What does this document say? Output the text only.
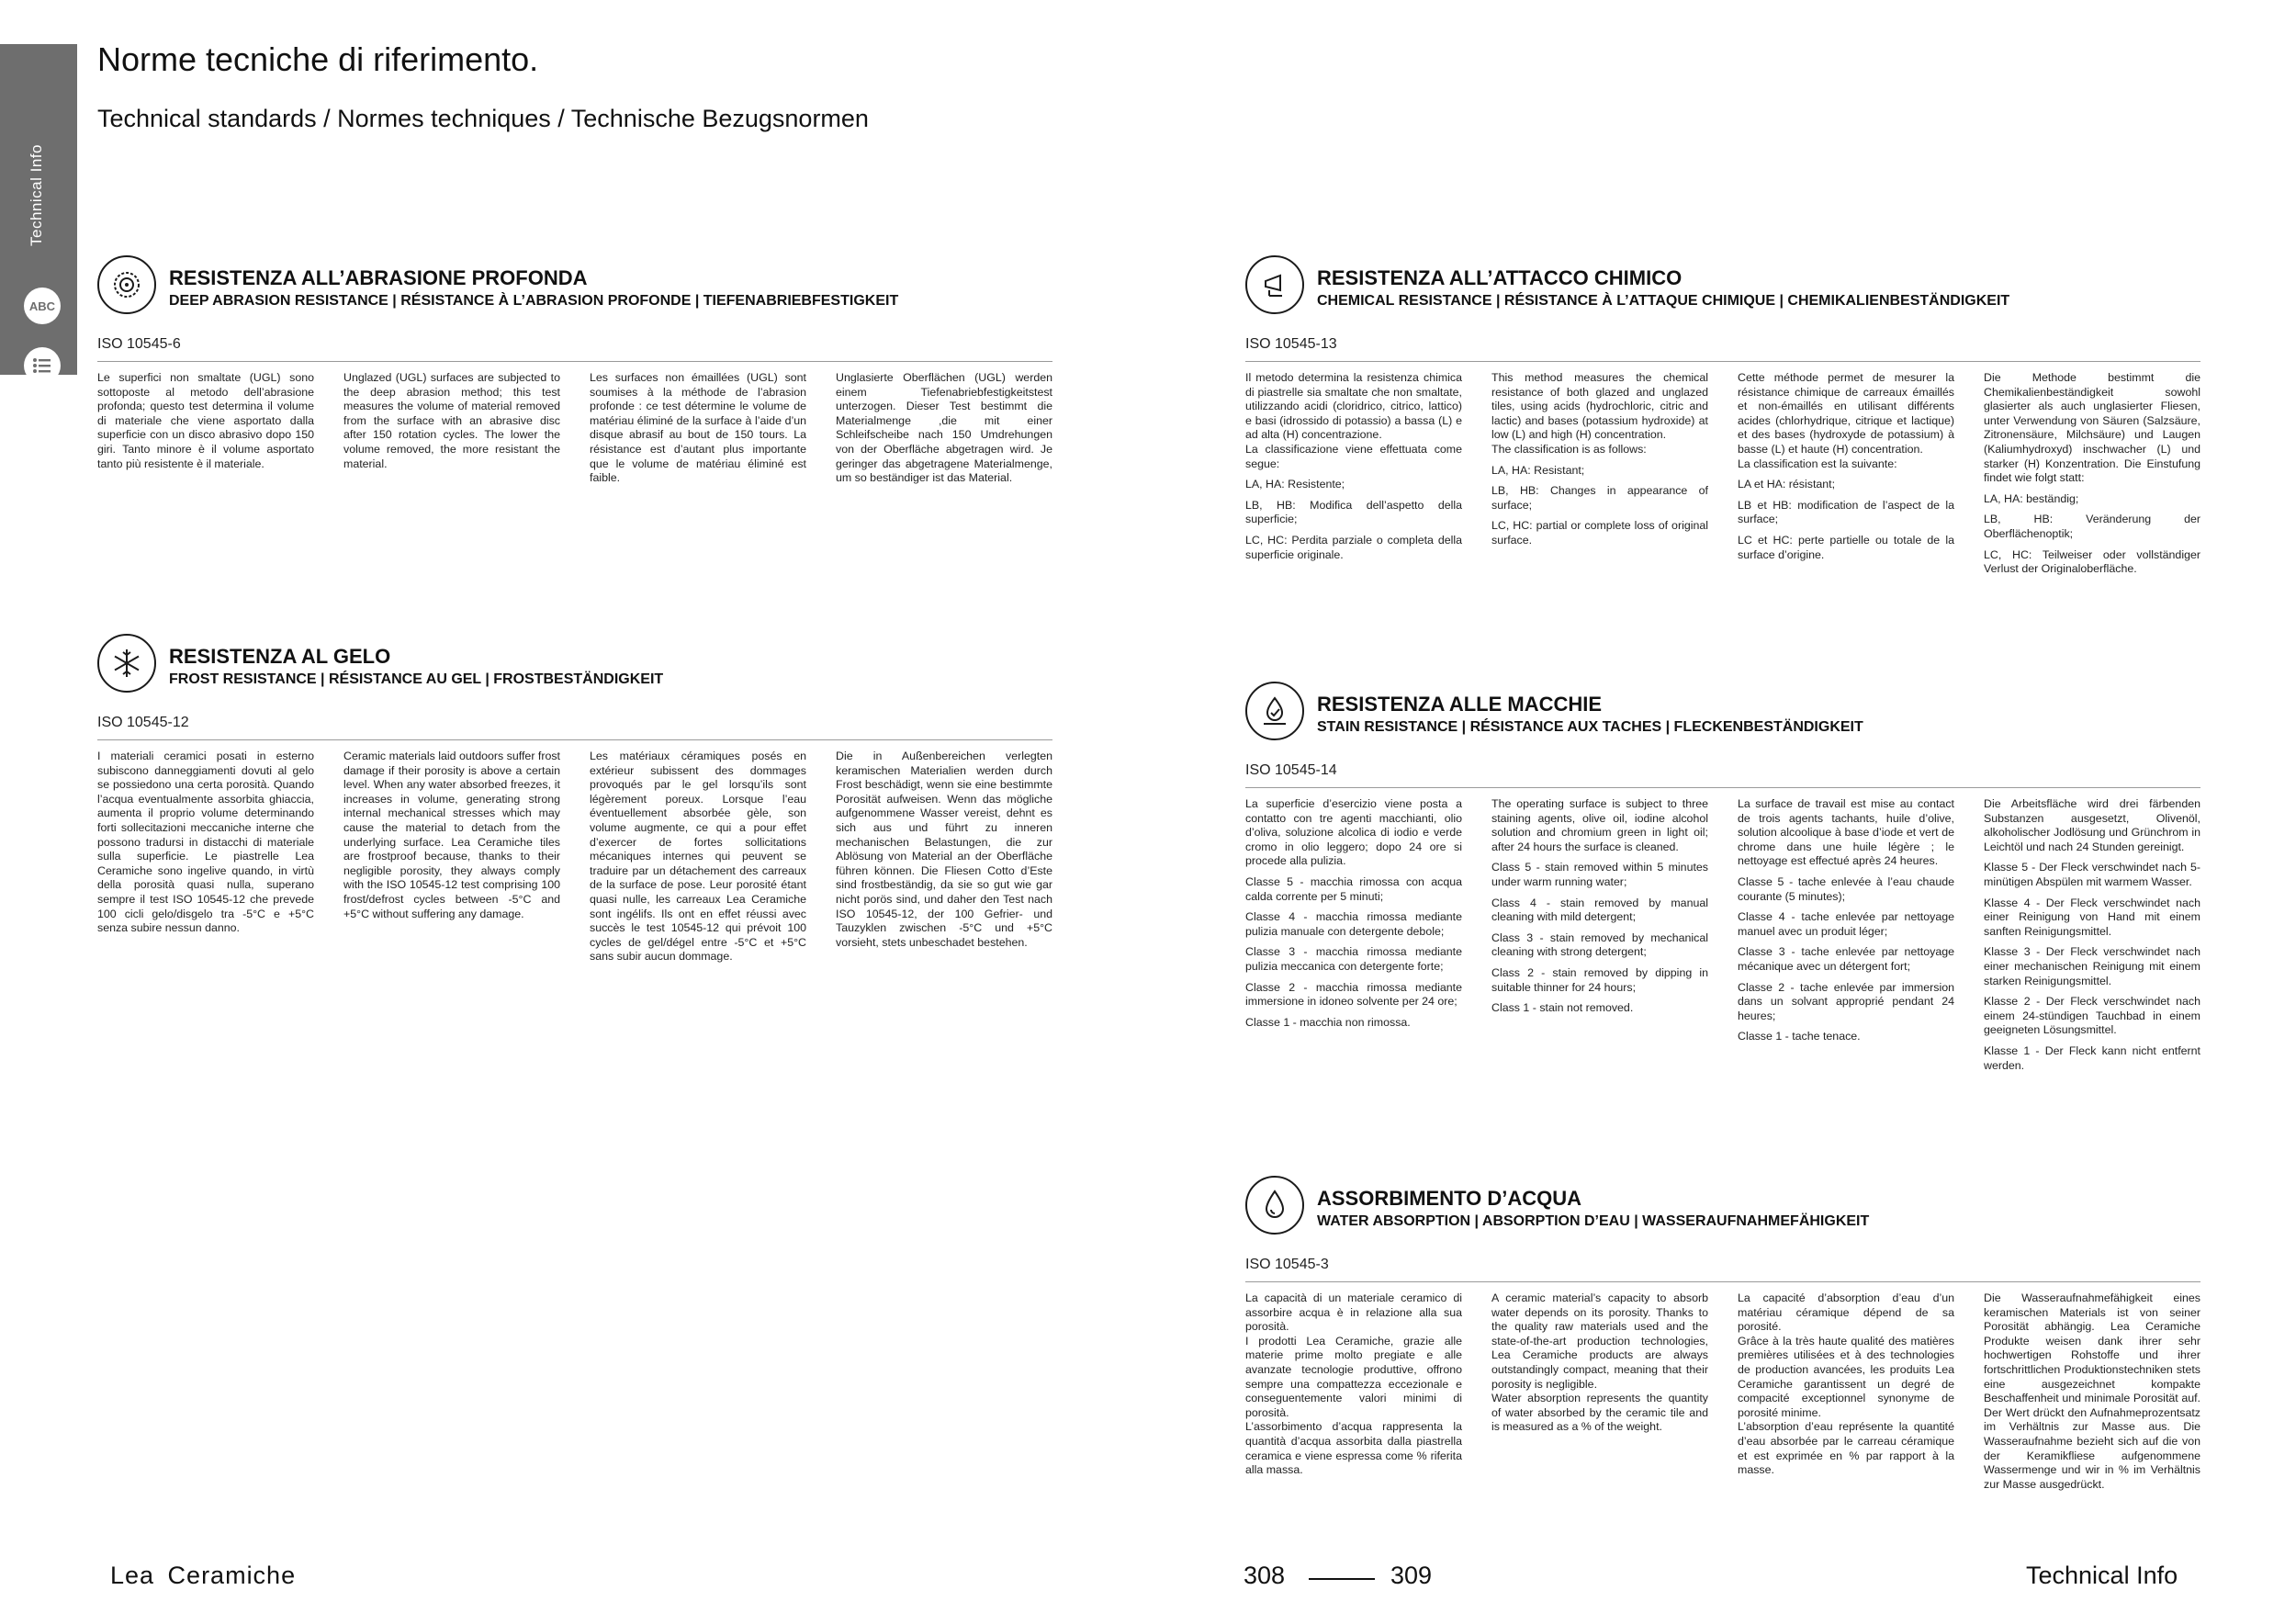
Technical Info
ABC
Norme tecniche di riferimento.
Technical standards / Normes techniques / Technische Bezugsnormen
RESISTENZA ALL’ABRASIONE PROFONDA
DEEP ABRASION RESISTANCE | RÉSISTANCE À L’ABRASION PROFONDE | TIEFENABRIEBFESTIGKEIT
ISO 10545-6

Le superfici non smaltate (UGL) sono sottoposte al metodo dell’abrasione profonda; questo test determina il volume di materiale che viene asportato dalla superficie con un disco abrasivo dopo 150 giri. Tanto minore è il volume asportato tanto più resistente è il materiale.

Unglazed (UGL) surfaces are subjected to the deep abrasion method; this test measures the volume of material removed from the surface with an abrasive disc after 150 rotation cycles. The lower the volume removed, the more resistant the material.

Les surfaces non émaillées (UGL) sont soumises à la méthode de l’abrasion profonde : ce test détermine le volume de matériau éliminé de la surface à l’aide d’un disque abrasif au bout de 150 tours. La résistance est d’autant plus importante que le volume de matériau éliminé est faible.

Unglasierte Oberflächen (UGL) werden einem Tiefenabriebfestigkeitstest unterzogen. Dieser Test bestimmt die Materialmenge ,die mit einer Schleifscheibe nach 150 Umdrehungen von der Oberfläche abgetragen wird. Je geringer das abgetragene Materialmenge, um so beständiger ist das Material.

RESISTENZA AL GELO
FROST RESISTANCE | RÉSISTANCE AU GEL | FROSTBESTÄNDIGKEIT
ISO 10545-12

I materiali ceramici posati in esterno subiscono danneggiamenti dovuti al gelo se possiedono una certa porosità. Quando l’acqua eventualmente assorbita ghiaccia, aumenta il proprio volume determinando forti sollecitazioni meccaniche interne che possono tradursi in distacchi di materiale sulla superficie. Le piastrelle Lea Ceramiche sono ingelive quando, in virtù della porosità quasi nulla, superano sempre il test ISO 10545-12 che prevede 100 cicli gelo/disgelo tra -5°C e +5°C senza subire nessun danno.

Ceramic materials laid outdoors suffer frost damage if their porosity is above a certain level. When any water absorbed freezes, it increases in volume, generating strong internal mechanical stresses which may cause the material to detach from the underlying surface. Lea Ceramiche tiles are frostproof because, thanks to their negligible porosity, they always comply with the ISO 10545-12 test comprising 100 frost/defrost cycles between -5°C and +5°C without suffering any damage.

Les matériaux céramiques posés en extérieur subissent des dommages provoqués par le gel lorsqu’ils sont légèrement poreux. Lorsque l’eau éventuellement absorbée gèle, son volume augmente, ce qui a pour effet d’exercer de fortes sollicitations mécaniques internes qui peuvent se traduire par un détachement des carreaux de la surface de pose. Leur porosité étant quasi nulle, les carreaux Lea Ceramiche sont ingélifs. Ils ont en effet réussi avec succès le test 10545-12 qui prévoit 100 cycles de gel/dégel entre -5°C et +5°C sans subir aucun dommage.

Die in Außenbereichen verlegten keramischen Materialien werden durch Frost beschädigt, wenn sie eine bestimmte Porosität aufweisen. Wenn das mögliche aufgenommene Wasser vereist, dehnt es sich aus und führt zu inneren mechanischen Belastungen, die zur Ablösung von Material an der Oberfläche führen können. Die Fliesen Cotto d’Este sind frostbeständig, da sie so gut wie gar nicht porös sind, und daher den Test nach ISO 10545-12, der 100 Gefrier- und Tauzyklen zwischen -5°C und +5°C vorsieht, stets unbeschadet bestehen.

RESISTENZA ALL’ATTACCO CHIMICO
CHEMICAL RESISTANCE | RÉSISTANCE À L’ATTAQUE CHIMIQUE | CHEMIKALIENBESTÄNDIGKEIT
ISO 10545-13

Il metodo determina la resistenza chimica di piastrelle sia smaltate che non smaltate, utilizzando acidi (cloridrico, citrico, lattico) e basi (idrossido di potassio) a bassa (L) e ad alta (H) concentrazione.
La classificazione viene effettuata come segue:

LA, HA: Resistente;

LB, HB: Modifica dell’aspetto della superficie;

LC, HC: Perdita parziale o completa della superficie originale.

This method measures the chemical resistance of both glazed and unglazed tiles, using acids (hydrochloric, citric and lactic) and bases (potassium hydroxide) at low (L) and high (H) concentration.
The classification is as follows:

LA, HA: Resistant;

LB, HB: Changes in appearance of surface;

LC, HC: partial or complete loss of original surface.

Cette méthode permet de mesurer la résistance chimique de carreaux émaillés et non-émaillés en utilisant différents acides (chlorhydrique, citrique et lactique) et des bases (hydroxyde de potassium) à basse (L) et haute (H) concentration.
La classification est la suivante:

LA et HA: résistant;

LB et HB: modification de l’aspect de la surface;

LC et HC: perte partielle ou totale de la surface d’origine.

Die Methode bestimmt die Chemikalienbeständigkeit sowohl glasierter als auch unglasierter Fliesen, unter Verwendung von Säuren (Salzsäure, Zitronensäure, Milchsäure) und Laugen (Kaliumhydroxyd) inschwacher (L) und starker (H) Konzentration. Die Einstufung findet wie folgt statt:

LA, HA: beständig;

LB, HB: Veränderung der Oberflächenoptik;

LC, HC: Teilweiser oder vollständiger Verlust der Originaloberfläche.

RESISTENZA ALLE MACCHIE
STAIN RESISTANCE | RÉSISTANCE AUX TACHES | FLECKENBESTÄNDIGKEIT
ISO 10545-14

La superficie d’esercizio viene posta a contatto con tre agenti macchianti, olio d’oliva, soluzione alcolica di iodio e verde cromo in olio leggero; dopo 24 ore si procede alla pulizia.

Classe 5 - macchia rimossa con acqua calda corrente per 5 minuti;

Classe 4 - macchia rimossa mediante pulizia manuale con detergente debole;

Classe 3 - macchia rimossa mediante pulizia meccanica con detergente forte;

Classe 2 - macchia rimossa mediante immersione in idoneo solvente per 24 ore;

Classe 1 - macchia non rimossa.

The operating surface is subject to three staining agents, olive oil, iodine alcohol solution and chromium green in light oil; after 24 hours the surface is cleaned.

Class 5 - stain removed within 5 minutes under warm running water;

Class 4 - stain removed by manual cleaning with mild detergent;

Class 3 - stain removed by mechanical cleaning with strong detergent;

Class 2 - stain removed by dipping in suitable thinner for 24 hours;

Class 1 - stain not removed.

La surface de travail est mise au contact de trois agents tachants, huile d’olive, solution alcoolique à base d’iode et vert de chrome dans une huile légère ; le nettoyage est effectué après 24 heures.

Classe 5 - tache enlevée à l’eau chaude courante (5 minutes);

Classe 4 - tache enlevée par nettoyage manuel avec un produit léger;

Classe 3 - tache enlevée par nettoyage mécanique avec un détergent fort;

Classe 2 - tache enlevée par immersion dans un solvant approprié pendant 24 heures;

Classe 1 - tache tenace.

Die Arbeitsfläche wird drei färbenden Substanzen ausgesetzt, Olivenöl, alkoholischer Jodlösung und Grünchrom in Leichtöl und nach 24 Stunden gereinigt.

Klasse 5 - Der Fleck verschwindet nach 5-minütigen Abspülen mit warmem Wasser.

Klasse 4 - Der Fleck verschwindet nach einer Reinigung von Hand mit einem sanften Reinigungsmittel.

Klasse 3 - Der Fleck verschwindet nach einer mechanischen Reinigung mit einem starken Reinigungsmittel.

Klasse 2 - Der Fleck verschwindet nach einem 24-stündigen Tauchbad in einem geeigneten Lösungsmittel.

Klasse 1 - Der Fleck kann nicht entfernt werden.

ASSORBIMENTO D’ACQUA
WATER ABSORPTION | ABSORPTION D’EAU | WASSERAUFNAHMEFÄHIGKEIT
ISO 10545-3

La capacità di un materiale ceramico di assorbire acqua è in relazione alla sua porosità.
I prodotti Lea Ceramiche, grazie alle materie prime molto pregiate e alle avanzate tecnologie produttive, offrono sempre una compattezza eccezionale e conseguentemente valori minimi di porosità.
L’assorbimento d’acqua rappresenta la quantità d’acqua assorbita dalla piastrella ceramica e viene espressa come % riferita alla massa.

A ceramic material’s capacity to absorb water depends on its porosity. Thanks to the quality raw materials used and the state-of-the-art production technologies, Lea Ceramiche products are always outstandingly compact, meaning that their porosity is negligible.
Water absorption represents the quantity of water absorbed by the ceramic tile and is measured as a % of the weight.

La capacité d’absorption d’eau d’un matériau céramique dépend de sa porosité.
Grâce à la très haute qualité des matières premières utilisées et à des technologies de production avancées, les produits Lea Ceramiche garantissent un degré de compacité exceptionnel synonyme de porosité minime.
L’absorption d’eau représente la quantité d’eau absorbée par le carreau céramique et est exprimée en % par rapport à la masse.

Die Wasseraufnahmefähigkeit eines keramischen Materials ist von seiner Porosität abhängig. Lea Ceramiche Produkte weisen dank ihrer sehr hochwertigen Rohstoffe und ihrer fortschrittlichen Produktionstechniken stets eine ausgezeichnet kompakte Beschaffenheit und minimale Porosität auf. Der Wert drückt den Aufnahmeprozentsatz im Verhältnis zur Masse aus. Die Wasseraufnahme bezieht sich auf die von der Keramikfliese aufgenommene Wassermenge und wir in % im Verhältnis zur Masse ausgedrückt.

Lea Ceramiche	308	309	Technical Info
